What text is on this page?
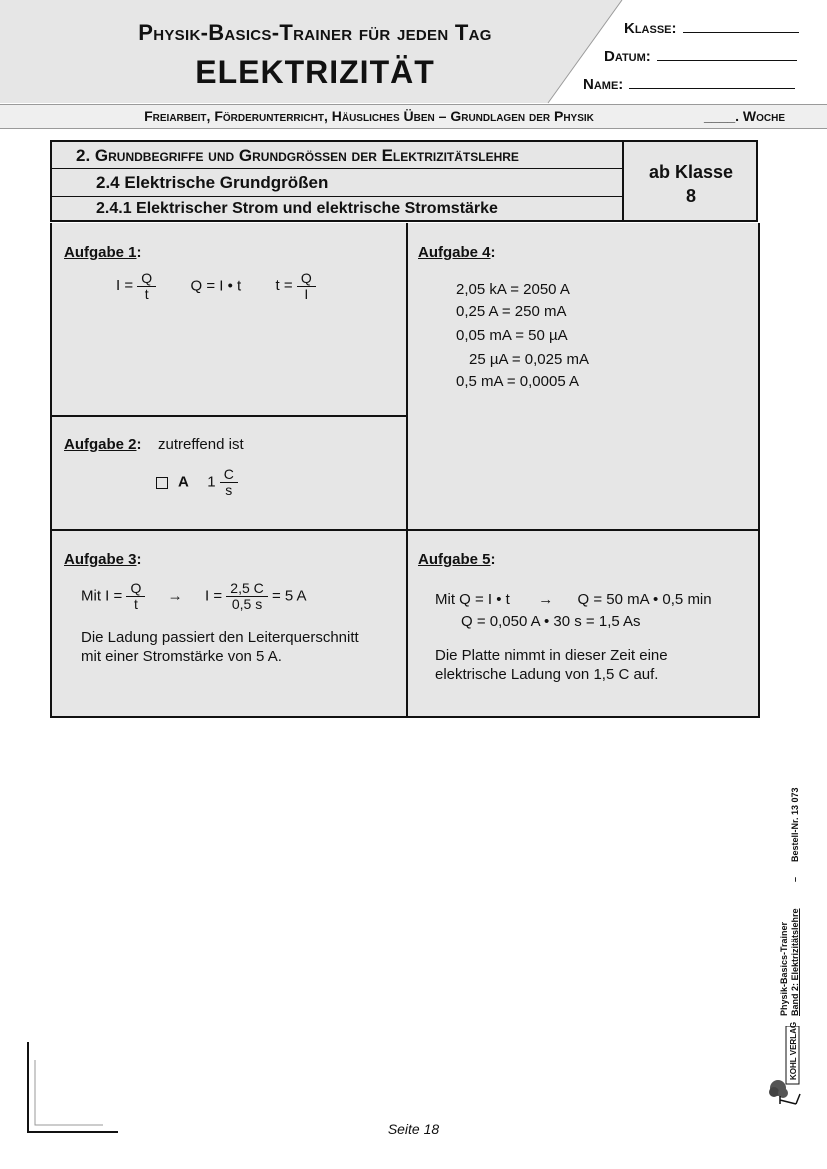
Physik-Basics-Trainer für jeden Tag
ELEKTRIZITÄT
Klasse:
Datum:
Name:
Freiarbeit, Förderunterricht, Häusliches Üben – Grundlagen der Physik	____. Woche
2. Grundbegriffe und Grundgrößen der Elektrizitätslehre
2.4 Elektrische Grundgrößen
2.4.1 Elektrischer Strom und elektrische Stromstärke
ab Klasse
8
Aufgabe 1:
$I = \frac{Q}{t}$ Q = I • t $t = \frac{Q}{I}$
Aufgabe 2: zutreffend ist
A $1 \frac{C}{s}$
Aufgabe 3:
Mit $I = \frac{Q}{t} \to I = \frac{2,5 C}{0,5 s} = 5$ A
Die Ladung passiert den Leiterquerschnitt
mit einer Stromstärke von 5 A.
Aufgabe 4:
2,05 kA = 2050 A
0,25 A = 250 mA
0,05 mA = 50 µA
25 µA = 0,025 mA
0,5 mA = 0,0005 A
Aufgabe 5:
Mit Q = I • t → Q = 50 mA • 0,5 min
Q = 0,050 A • 30 s = 1,5 As
Die Platte nimmt in dieser Zeit eine
elektrische Ladung von 1,5 C auf.
Bestell-Nr. 13 073
–
Physik-Basics-Trainer Band 2: Elektrizitätslehre
KOHL VERLAG
Seite 18
